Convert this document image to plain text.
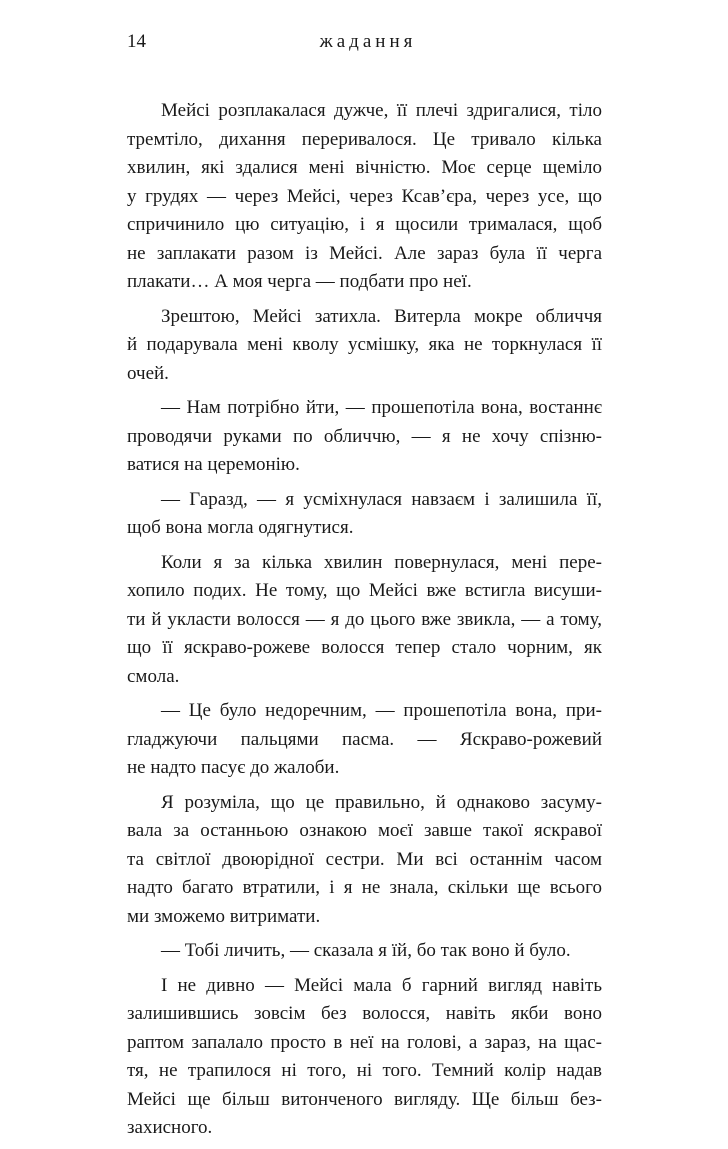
14	жадання

Мейсі розплакалася дужче, її плечі здригалися, тіло
тремтіло, дихання переривалося. Це тривало кілька
хвилин, які здалися мені вічністю. Моє серце щеміло
у грудях — через Мейсі, через Ксав’єра, через усе, що
спричинило цю ситуацію, і я щосили трималася, щоб
не заплакати разом із Мейсі. Але зараз була її черга
плакати… А моя черга — подбати про неї.

Зрештою, Мейсі затихла. Витерла мокре обличчя
й подарувала мені кволу усмішку, яка не торкнулася її
очей.

— Нам потрібно йти, — прошепотіла вона, востаннє
проводячи руками по обличчю, — я не хочу спізню-
ватися на церемонію.

— Гаразд, — я усміхнулася навзаєм і залишила її,
щоб вона могла одягнутися.

Коли я за кілька хвилин повернулася, мені пере-
хопило подих. Не тому, що Мейсі вже встигла висуши-
ти й укласти волосся — я до цього вже звикла, — а тому,
що її яскраво-рожеве волосся тепер стало чорним, як
смола.

— Це було недоречним, — прошепотіла вона, при-
гладжуючи пальцями пасма. — Яскраво-рожевий
не надто пасує до жалоби.

Я розуміла, що це правильно, й однаково засуму-
вала за останньою ознакою моєї завше такої яскравої
та світлої двоюрідної сестри. Ми всі останнім часом
надто багато втратили, і я не знала, скільки ще всього
ми зможемо витримати.

— Тобі личить, — сказала я їй, бо так воно й було.

І не дивно — Мейсі мала б гарний вигляд навіть
залишившись зовсім без волосся, навіть якби воно
раптом запалало просто в неї на голові, а зараз, на щас-
тя, не трапилося ні того, ні того. Темний колір надав
Мейсі ще більш витонченого вигляду. Ще більш без-
захисного.
